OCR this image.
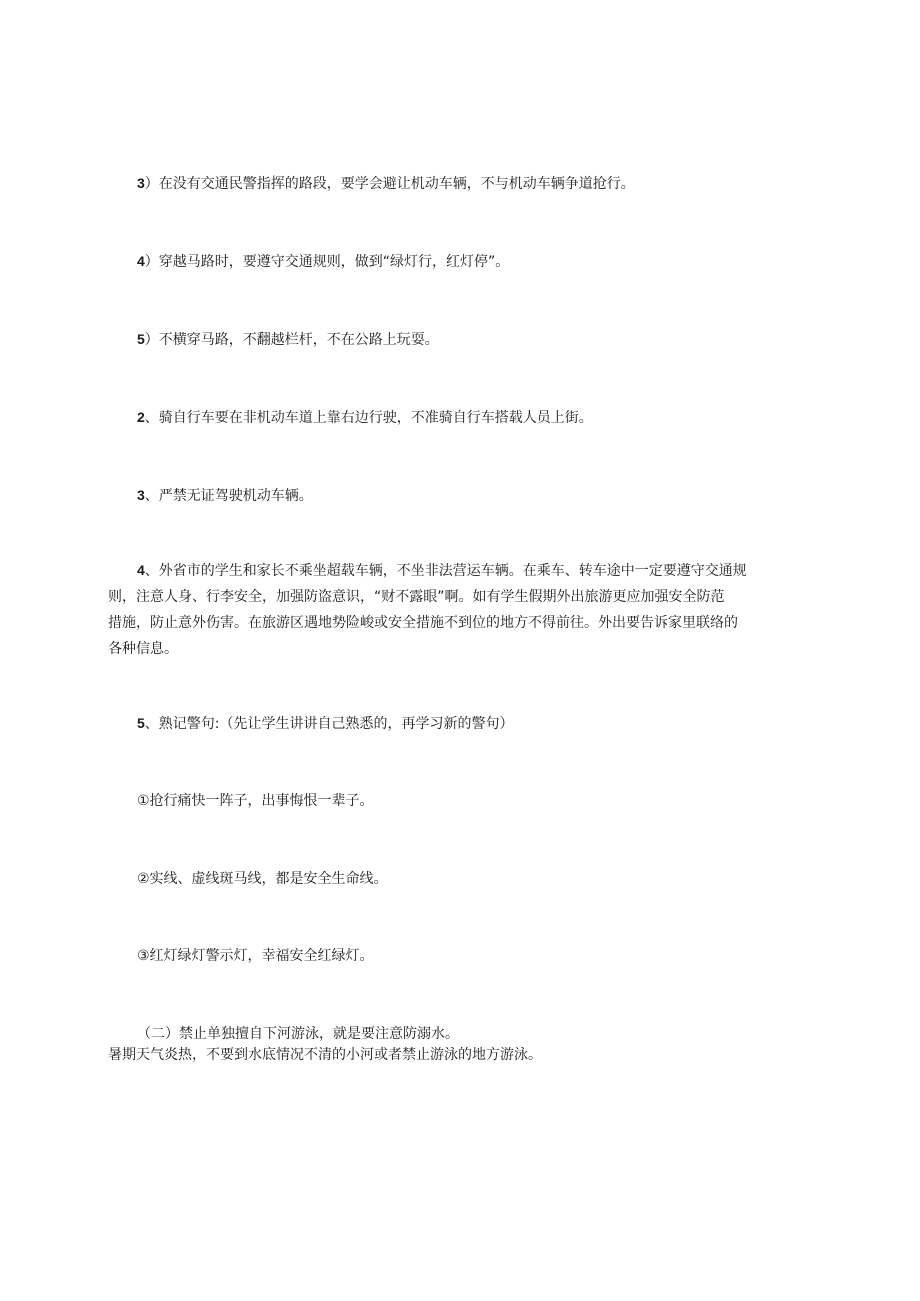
3）在没有交通民警指挥的路段，要学会避让机动车辆，不与机动车辆争道抢行。

4）穿越马路时，要遵守交通规则，做到“绿灯行，红灯停”。

5）不横穿马路，不翻越栏杆，不在公路上玩耍。

2、骑自行车要在非机动车道上靠右边行驶，不准骑自行车搭载人员上街。

3、严禁无证驾驶机动车辆。

4、外省市的学生和家长不乘坐超载车辆，不坐非法营运车辆。在乘车、转车途中一定要遵守交通规
则，注意人身、行李安全，加强防盗意识，“财不露眼”啊。如有学生假期外出旅游更应加强安全防范
措施，防止意外伤害。在旅游区遇地势险峻或安全措施不到位的地方不得前往。外出要告诉家里联络的
各种信息。

5、熟记警句:（先让学生讲讲自己熟悉的，再学习新的警句）

①抢行痛快一阵子，出事悔恨一辈子。

②实线、虚线斑马线，都是安全生命线。

③红灯绿灯警示灯，幸福安全红绿灯。

（二）禁止单独擅自下河游泳，就是要注意防溺水。
暑期天气炎热，不要到水底情况不清的小河或者禁止游泳的地方游泳。
